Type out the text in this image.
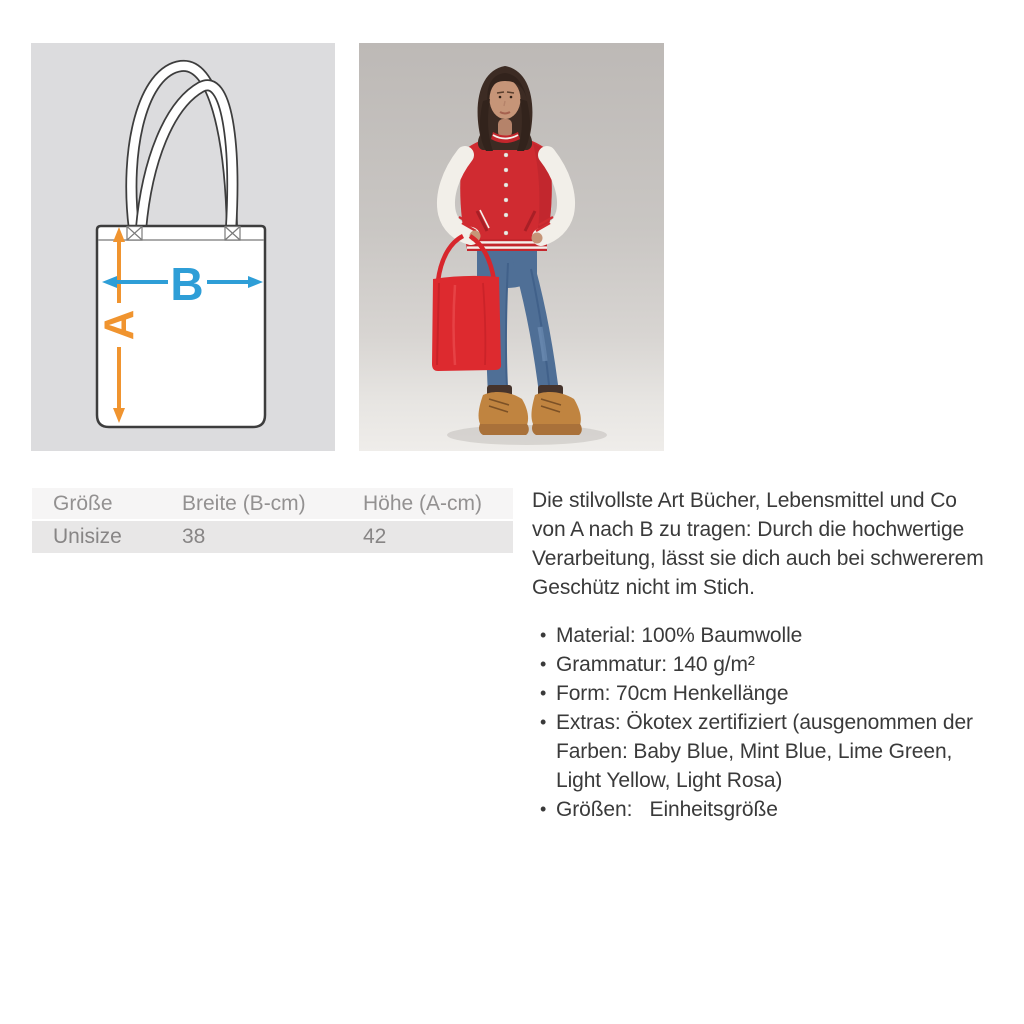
A
B
Größe	Breite (B-cm)	Höhe (A-cm)
Unisize	38	42
Die stilvollste Art Bücher, Lebensmittel und Co
von A nach B zu tragen: Durch die hochwertige
Verarbeitung, lässt sie dich auch bei schwererem
Geschütz nicht im Stich.
• Material: 100% Baumwolle
• Grammatur: 140 g/m²
• Form: 70cm Henkellänge
• Extras: Ökotex zertifiziert (ausgenommen der
Farben: Baby Blue, Mint Blue, Lime Green,
Light Yellow, Light Rosa)
• Größen:   Einheitsgröße
